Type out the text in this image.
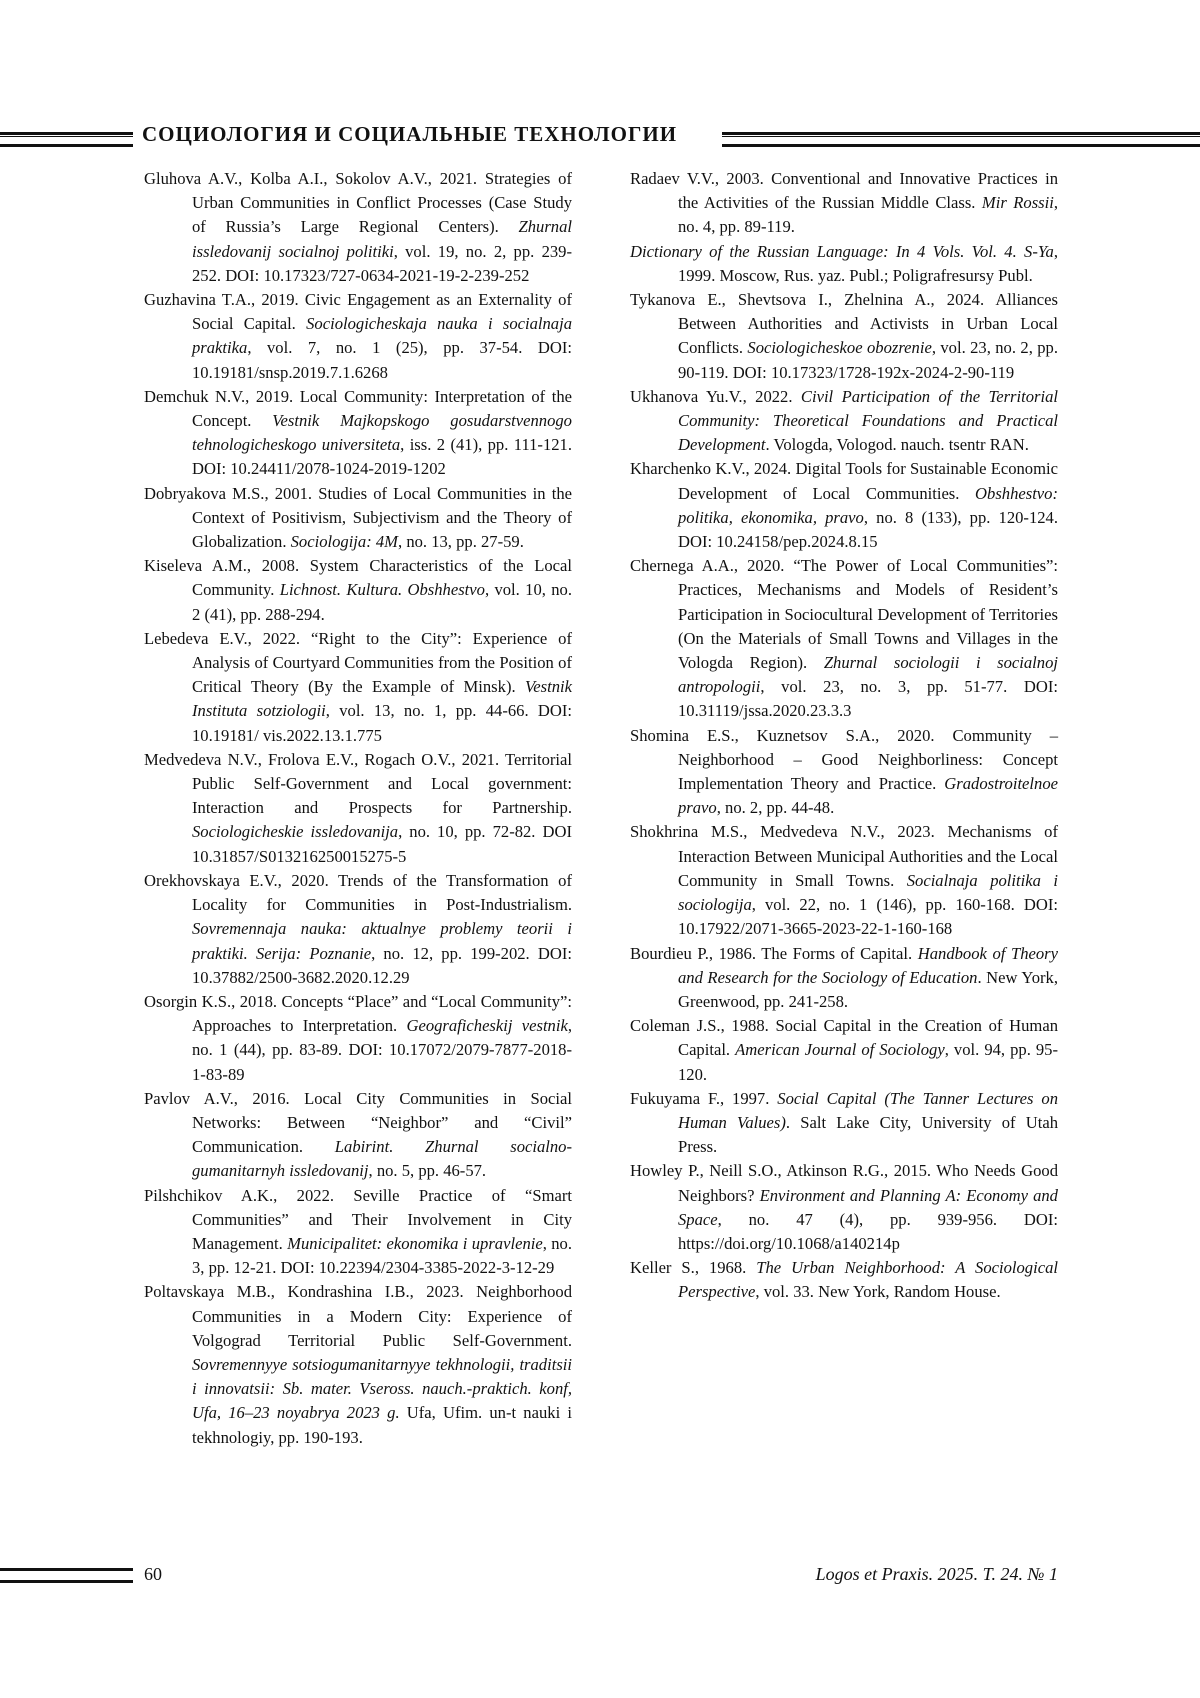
СОЦИОЛОГИЯ И СОЦИАЛЬНЫЕ ТЕХНОЛОГИИ

Gluhova A.V., Kolba A.I., Sokolov A.V., 2021. Strategies of Urban Communities in Conflict Processes (Case Study of Russia’s Large Regional Centers). Zhurnal issledovanij socialnoj politiki, vol. 19, no. 2, pp. 239-252. DOI: 10.17323/727-0634-2021-19-2-239-252

Guzhavina T.A., 2019. Civic Engagement as an Externality of Social Capital. Sociologicheskaja nauka i socialnaja praktika, vol. 7, no. 1 (25), pp. 37-54. DOI: 10.19181/snsp.2019.7.1.6268

Demchuk N.V., 2019. Local Community: Interpretation of the Concept. Vestnik Majkopskogo gosudarstvennogo tehnologicheskogo universiteta, iss. 2 (41), pp. 111-121. DOI: 10.24411/2078-1024-2019-1202

Dobryakova M.S., 2001. Studies of Local Communities in the Context of Positivism, Subjectivism and the Theory of Globalization. Sociologija: 4M, no. 13, pp. 27-59.

Kiseleva A.M., 2008. System Characteristics of the Local Community. Lichnost. Kultura. Obshhestvo, vol. 10, no. 2 (41), pp. 288-294.

Lebedeva E.V., 2022. “Right to the City”: Experience of Analysis of Courtyard Communities from the Position of Critical Theory (By the Example of Minsk). Vestnik Instituta sotziologii, vol. 13, no. 1, pp. 44-66. DOI: 10.19181/ vis.2022.13.1.775

Medvedeva N.V., Frolova E.V., Rogach O.V., 2021. Territorial Public Self-Government and Local government: Interaction and Prospects for Partnership. Sociologicheskie issledovanija, no. 10, pp. 72-82. DOI 10.31857/S013216250015275-5

Orekhovskaya E.V., 2020. Trends of the Transformation of Locality for Communities in Post-Industrialism. Sovremennaja nauka: aktualnye problemy teorii i praktiki. Serija: Poznanie, no. 12, pp. 199-202. DOI: 10.37882/2500-3682.2020.12.29

Osorgin K.S., 2018. Concepts “Place” and “Local Community”: Approaches to Interpretation. Geograficheskij vestnik, no. 1 (44), pp. 83-89. DOI: 10.17072/2079-7877-2018-1-83-89

Pavlov A.V., 2016. Local City Communities in Social Networks: Between “Neighbor” and “Civil” Communication. Labirint. Zhurnal socialno-gumanitarnyh issledovanij, no. 5, pp. 46-57.

Pilshchikov A.K., 2022. Seville Practice of “Smart Communities” and Their Involvement in City Management. Municipalitet: ekonomika i upravlenie, no. 3, pp. 12-21. DOI: 10.22394/2304-3385-2022-3-12-29

Poltavskaya M.B., Kondrashina I.B., 2023. Neighborhood Communities in a Modern City: Experience of Volgograd Territorial Public Self-Government. Sovremennyye sotsiogumanitarnyye tekhnologii, traditsii i innovatsii: Sb. mater. Vseross. nauch.-praktich. konf, Ufa, 16–23 noyabrya 2023 g. Ufa, Ufim. un-t nauki i tekhnologiy, pp. 190-193.

Radaev V.V., 2003. Conventional and Innovative Practices in the Activities of the Russian Middle Class. Mir Rossii, no. 4, pp. 89-119.

Dictionary of the Russian Language: In 4 Vols. Vol. 4. S-Ya, 1999. Moscow, Rus. yaz. Publ.; Poligrafresursy Publ.

Tykanova E., Shevtsova I., Zhelnina A., 2024. Alliances Between Authorities and Activists in Urban Local Conflicts. Sociologicheskoe obozrenie, vol. 23, no. 2, pp. 90-119. DOI: 10.17323/1728-192x-2024-2-90-119

Ukhanova Yu.V., 2022. Civil Participation of the Territorial Community: Theoretical Foundations and Practical Development. Vologda, Vologod. nauch. tsentr RAN.

Kharchenko K.V., 2024. Digital Tools for Sustainable Economic Development of Local Communities. Obshhestvo: politika, ekonomika, pravo, no. 8 (133), pp. 120-124. DOI: 10.24158/pep.2024.8.15

Chernega A.A., 2020. “The Power of Local Communities”: Practices, Mechanisms and Models of Resident’s Participation in Sociocultural Development of Territories (On the Materials of Small Towns and Villages in the Vologda Region). Zhurnal sociologii i socialnoj antropologii, vol. 23, no. 3, pp. 51-77. DOI: 10.31119/jssa.2020.23.3.3

Shomina E.S., Kuznetsov S.A., 2020. Community – Neighborhood – Good Neighborliness: Concept Implementation Theory and Practice. Gradostroitelnoe pravo, no. 2, pp. 44-48.

Shokhrina M.S., Medvedeva N.V., 2023. Mechanisms of Interaction Between Municipal Authorities and the Local Community in Small Towns. Socialnaja politika i sociologija, vol. 22, no. 1 (146), pp. 160-168. DOI: 10.17922/2071-3665-2023-22-1-160-168

Bourdieu P., 1986. The Forms of Capital. Handbook of Theory and Research for the Sociology of Education. New York, Greenwood, pp. 241-258.

Coleman J.S., 1988. Social Capital in the Creation of Human Capital. American Journal of Sociology, vol. 94, pp. 95-120.

Fukuyama F., 1997. Social Capital (The Tanner Lectures on Human Values). Salt Lake City, University of Utah Press.

Howley P., Neill S.O., Atkinson R.G., 2015. Who Needs Good Neighbors? Environment and Planning A: Economy and Space, no. 47 (4), pp. 939-956. DOI: https://doi.org/10.1068/a140214p

Keller S., 1968. The Urban Neighborhood: A Sociological Perspective, vol. 33. New York, Random House.

60	Logos et Praxis. 2025. Т. 24. № 1
